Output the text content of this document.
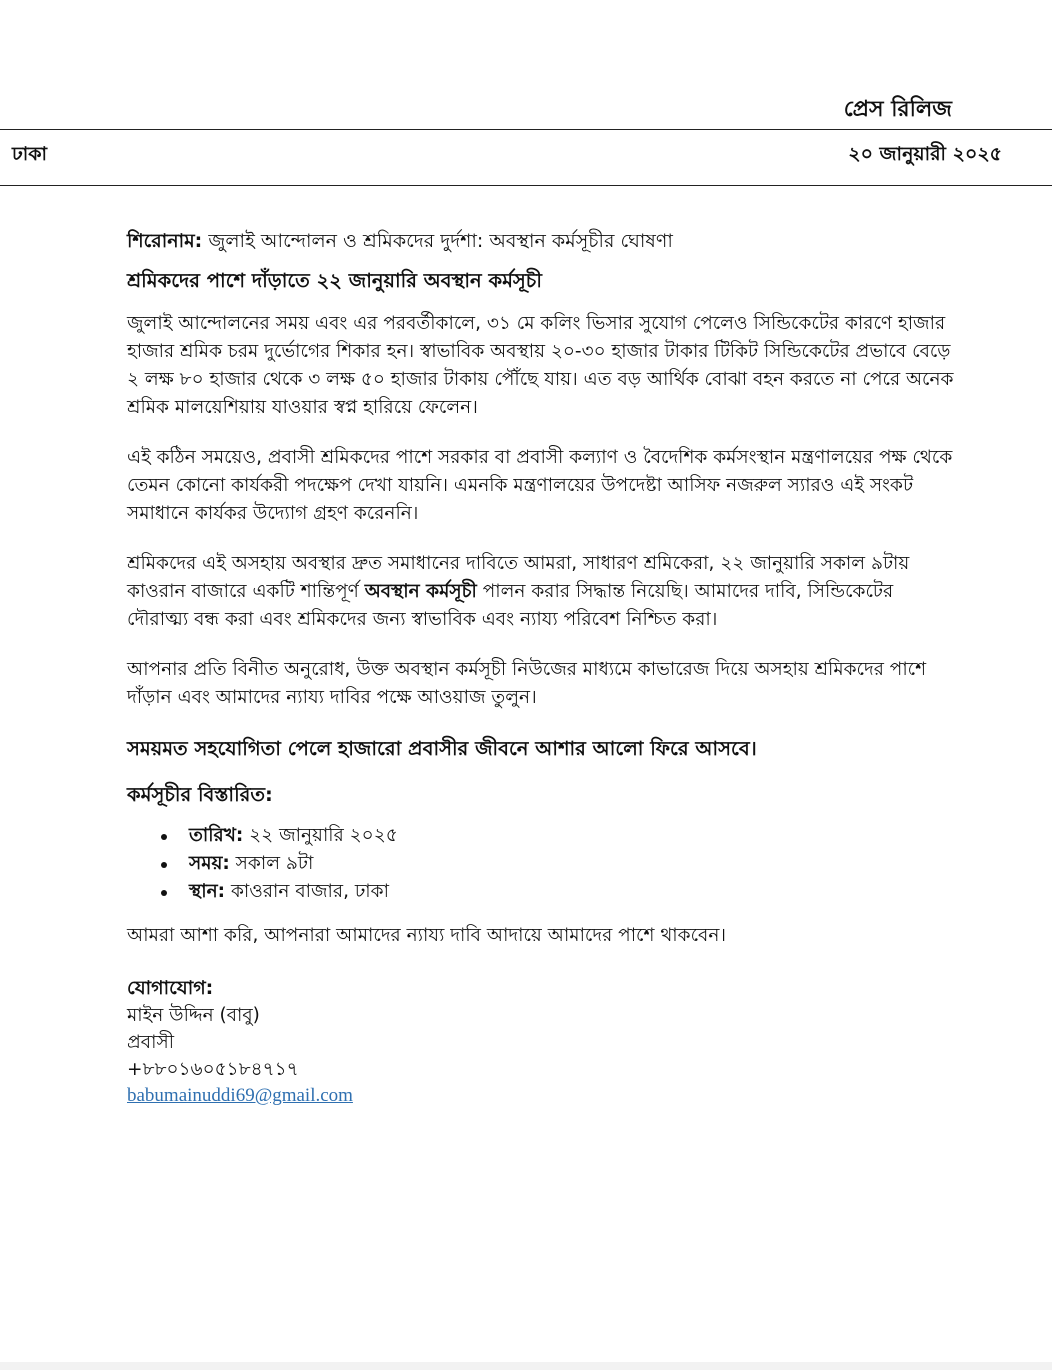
প্রেস রিলিজ
ঢাকা	২০ জানুয়ারী ২০২৫

শিরোনাম: জুলাই আন্দোলন ও শ্রমিকদের দুর্দশা: অবস্থান কর্মসূচীর ঘোষণা

শ্রমিকদের পাশে দাঁড়াতে ২২ জানুয়ারি অবস্থান কর্মসূচী

জুলাই আন্দোলনের সময় এবং এর পরবর্তীকালে, ৩১ মে কলিং ভিসার সুযোগ পেলেও সিন্ডিকেটের কারণে হাজার হাজার শ্রমিক চরম দুর্ভোগের শিকার হন। স্বাভাবিক অবস্থায় ২০-৩০ হাজার টাকার টিকিট সিন্ডিকেটের প্রভাবে বেড়ে ২ লক্ষ ৮০ হাজার থেকে ৩ লক্ষ ৫০ হাজার টাকায় পৌঁছে যায়। এত বড় আর্থিক বোঝা বহন করতে না পেরে অনেক শ্রমিক মালয়েশিয়ায় যাওয়ার স্বপ্ন হারিয়ে ফেলেন।

এই কঠিন সময়েও, প্রবাসী শ্রমিকদের পাশে সরকার বা প্রবাসী কল্যাণ ও বৈদেশিক কর্মসংস্থান মন্ত্রণালয়ের পক্ষ থেকে তেমন কোনো কার্যকরী পদক্ষেপ দেখা যায়নি। এমনকি মন্ত্রণালয়ের উপদেষ্টা আসিফ নজরুল স্যারও এই সংকট সমাধানে কার্যকর উদ্যোগ গ্রহণ করেননি।

শ্রমিকদের এই অসহায় অবস্থার দ্রুত সমাধানের দাবিতে আমরা, সাধারণ শ্রমিকেরা, ২২ জানুয়ারি সকাল ৯টায় কাওরান বাজারে একটি শান্তিপূর্ণ অবস্থান কর্মসূচী পালন করার সিদ্ধান্ত নিয়েছি। আমাদের দাবি, সিন্ডিকেটের দৌরাত্ম্য বন্ধ করা এবং শ্রমিকদের জন্য স্বাভাবিক এবং ন্যায্য পরিবেশ নিশ্চিত করা।

আপনার প্রতি বিনীত অনুরোধ, উক্ত অবস্থান কর্মসূচী নিউজের মাধ্যমে কাভারেজ দিয়ে অসহায় শ্রমিকদের পাশে দাঁড়ান এবং আমাদের ন্যায্য দাবির পক্ষে আওয়াজ তুলুন।

সময়মত সহযোগিতা পেলে হাজারো প্রবাসীর জীবনে আশার আলো ফিরে আসবে।

কর্মসূচীর বিস্তারিত:

তারিখ: ২২ জানুয়ারি ২০২৫
সময়: সকাল ৯টা
স্থান: কাওরান বাজার, ঢাকা

আমরা আশা করি, আপনারা আমাদের ন্যায্য দাবি আদায়ে আমাদের পাশে থাকবেন।

যোগাযোগ:
মাইন উদ্দিন (বাবু)
প্রবাসী
+৮৮০১৬০৫১৮৪৭১৭
babumainuddi69@gmail.com
